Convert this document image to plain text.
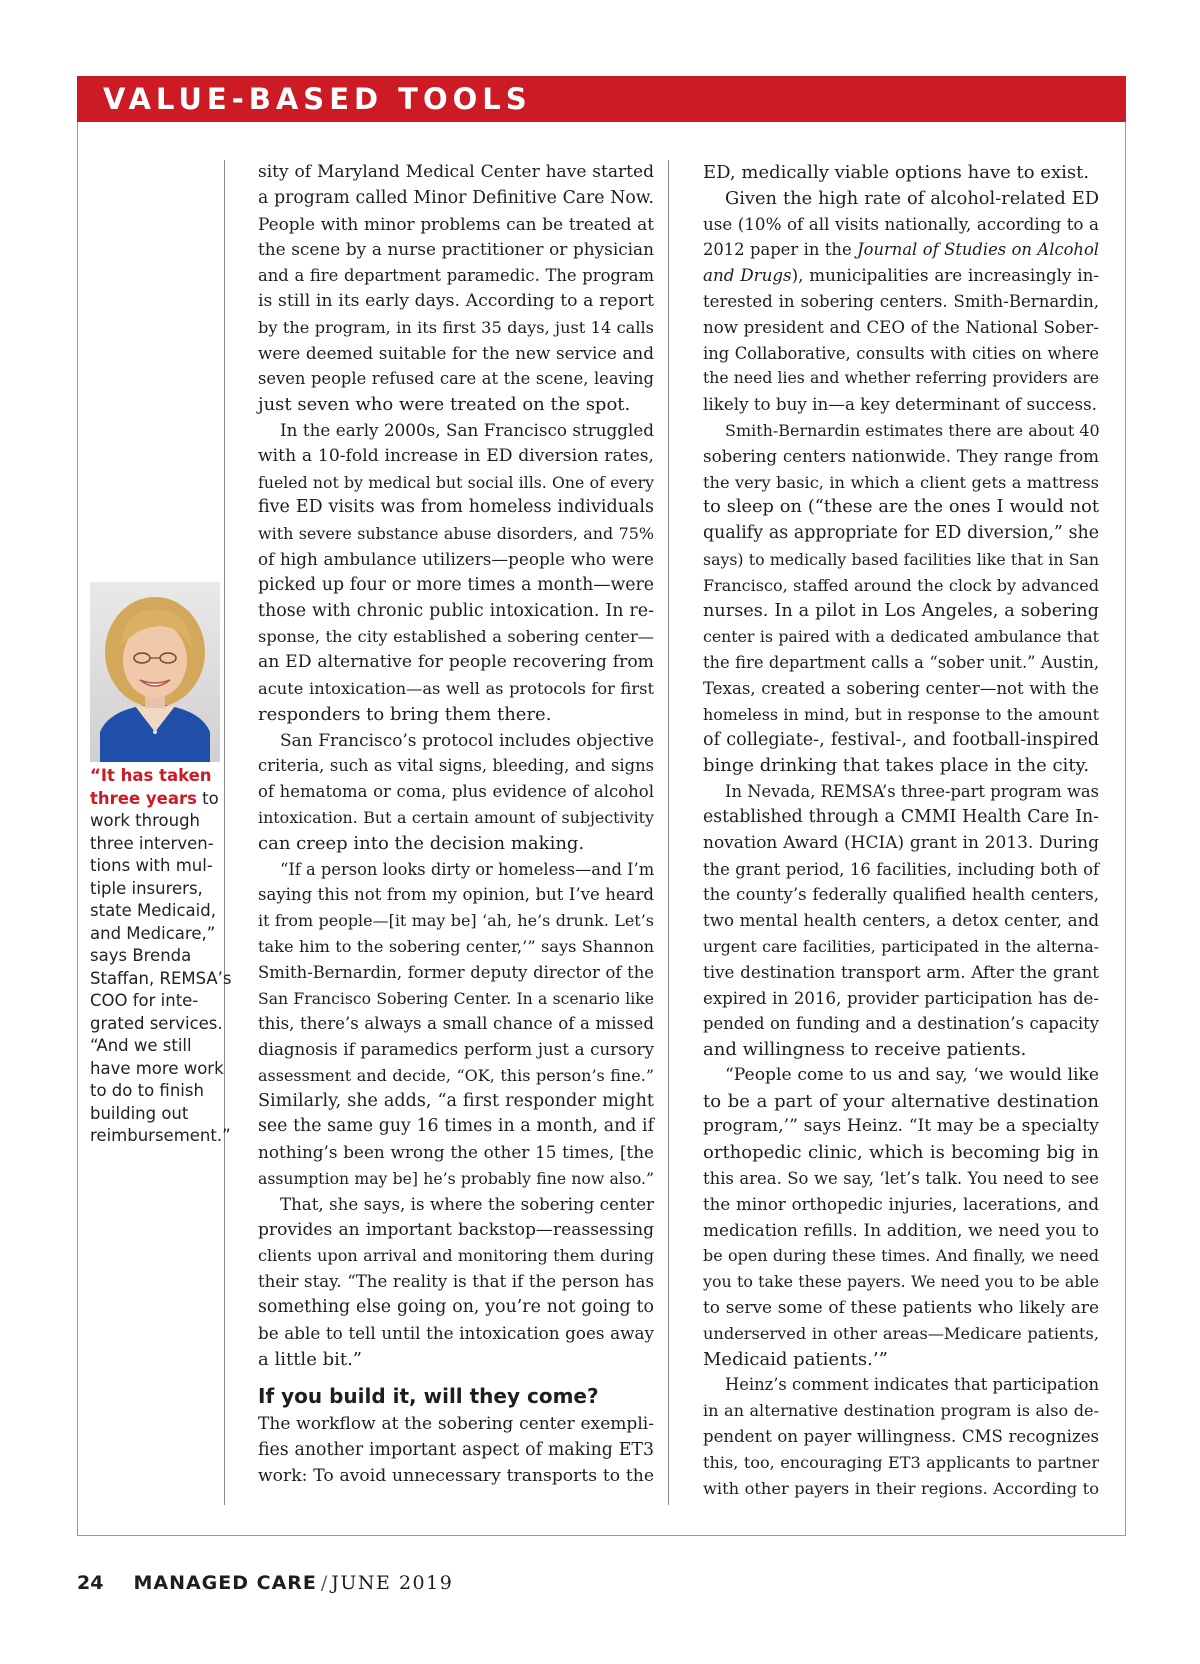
VALUE-BASED TOOLS
“It has taken
three years to
work through
three interven-
tions with mul-
tiple insurers,
state Medicaid,
and Medicare,”
says Brenda
Staffan, REMSA’s
COO for inte-
grated services.
“And we still
have more work
to do to finish
building out
reimbursement.”
sity of Maryland Medical Center have started
a program called Minor Definitive Care Now.
People with minor problems can be treated at
the scene by a nurse practitioner or physician
and a fire department paramedic. The program
is still in its early days. According to a report
by the program, in its first 35 days, just 14 calls
were deemed suitable for the new service and
seven people refused care at the scene, leaving
just seven who were treated on the spot.
In the early 2000s, San Francisco struggled
with a 10-fold increase in ED diversion rates,
fueled not by medical but social ills. One of every
five ED visits was from homeless individuals
with severe substance abuse disorders, and 75%
of high ambulance utilizers—people who were
picked up four or more times a month—were
those with chronic public intoxication. In re-
sponse, the city established a sobering center—
an ED alternative for people recovering from
acute intoxication—as well as protocols for first
responders to bring them there.
San Francisco’s protocol includes objective
criteria, such as vital signs, bleeding, and signs
of hematoma or coma, plus evidence of alcohol
intoxication. But a certain amount of subjectivity
can creep into the decision making.
“If a person looks dirty or homeless—and I’m
saying this not from my opinion, but I’ve heard
it from people—[it may be] ‘ah, he’s drunk. Let’s
take him to the sobering center,’” says Shannon
Smith-Bernardin, former deputy director of the
San Francisco Sobering Center. In a scenario like
this, there’s always a small chance of a missed
diagnosis if paramedics perform just a cursory
assessment and decide, “OK, this person’s fine.”
Similarly, she adds, “a first responder might
see the same guy 16 times in a month, and if
nothing’s been wrong the other 15 times, [the
assumption may be] he’s probably fine now also.”
That, she says, is where the sobering center
provides an important backstop—reassessing
clients upon arrival and monitoring them during
their stay. “The reality is that if the person has
something else going on, you’re not going to
be able to tell until the intoxication goes away
a little bit.”
If you build it, will they come?
The workflow at the sobering center exempli-
fies another important aspect of making ET3
work: To avoid unnecessary transports to the
ED, medically viable options have to exist.
Given the high rate of alcohol-related ED
use (10% of all visits nationally, according to a
2012 paper in the Journal of Studies on Alcohol
and Drugs), municipalities are increasingly in-
terested in sobering centers. Smith-Bernardin,
now president and CEO of the National Sober-
ing Collaborative, consults with cities on where
the need lies and whether referring providers are
likely to buy in—a key determinant of success.
Smith-Bernardin estimates there are about 40
sobering centers nationwide. They range from
the very basic, in which a client gets a mattress
to sleep on (“these are the ones I would not
qualify as appropriate for ED diversion,” she
says) to medically based facilities like that in San
Francisco, staffed around the clock by advanced
nurses. In a pilot in Los Angeles, a sobering
center is paired with a dedicated ambulance that
the fire department calls a “sober unit.” Austin,
Texas, created a sobering center—not with the
homeless in mind, but in response to the amount
of collegiate-, festival-, and football-inspired
binge drinking that takes place in the city.
In Nevada, REMSA’s three-part program was
established through a CMMI Health Care In-
novation Award (HCIA) grant in 2013. During
the grant period, 16 facilities, including both of
the county’s federally qualified health centers,
two mental health centers, a detox center, and
urgent care facilities, participated in the alterna-
tive destination transport arm. After the grant
expired in 2016, provider participation has de-
pended on funding and a destination’s capacity
and willingness to receive patients.
“People come to us and say, ‘we would like
to be a part of your alternative destination
program,’” says Heinz. “It may be a specialty
orthopedic clinic, which is becoming big in
this area. So we say, ‘let’s talk. You need to see
the minor orthopedic injuries, lacerations, and
medication refills. In addition, we need you to
be open during these times. And finally, we need
you to take these payers. We need you to be able
to serve some of these patients who likely are
underserved in other areas—Medicare patients,
Medicaid patients.’”
Heinz’s comment indicates that participation
in an alternative destination program is also de-
pendent on payer willingness. CMS recognizes
this, too, encouraging ET3 applicants to partner
with other payers in their regions. According to
24 MANAGED CARE / JUNE 2019
